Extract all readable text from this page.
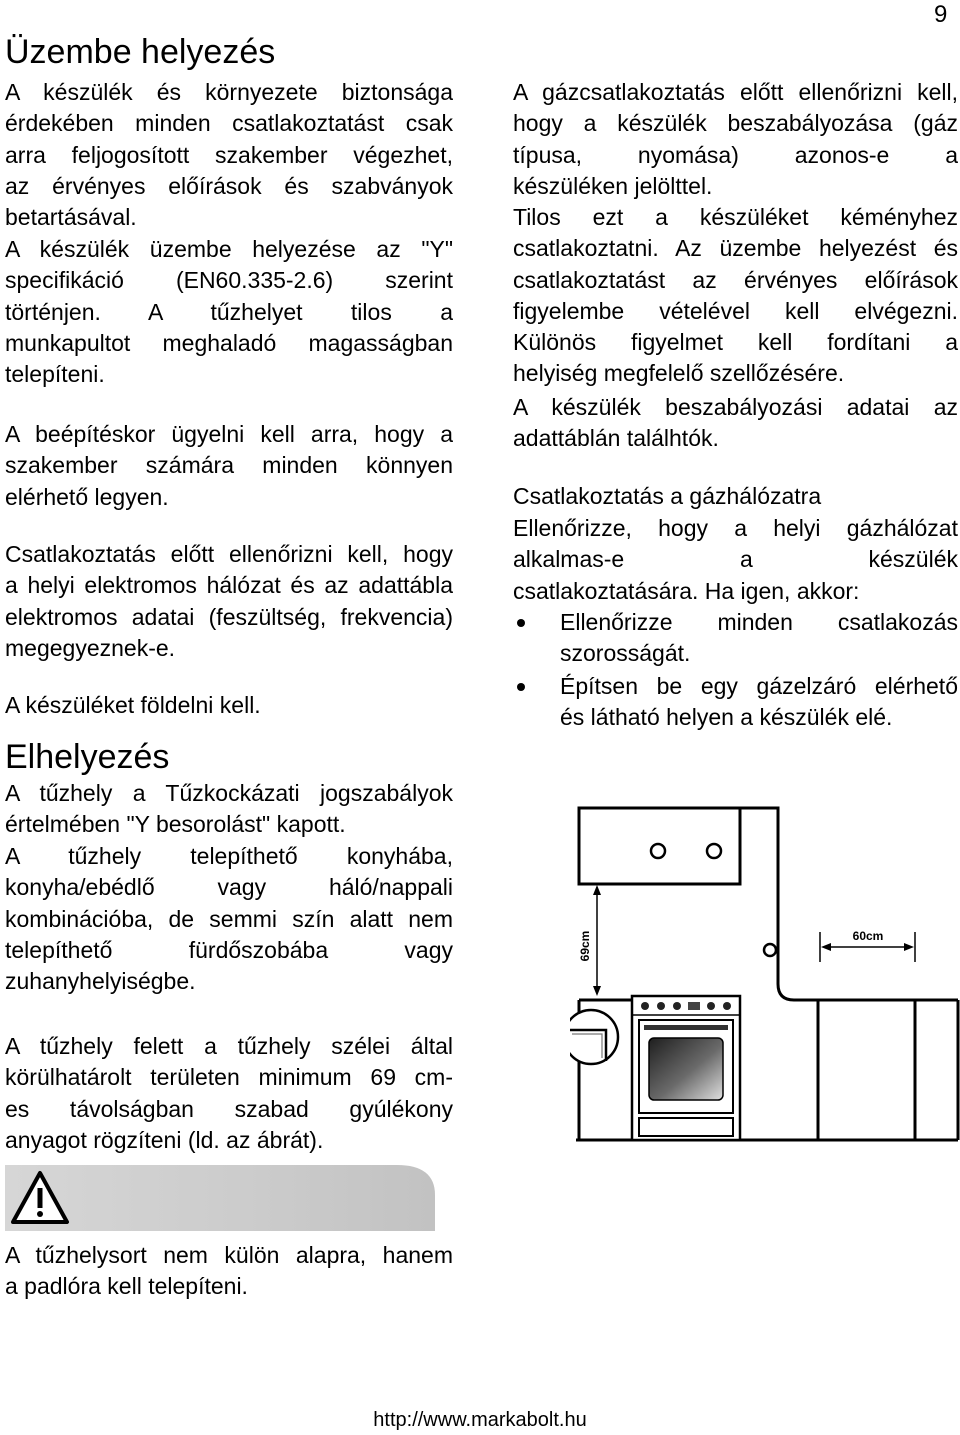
9
Üzembe helyezés
A készülék és környezete biztonsága
érdekében minden csatlakoztatást csak
arra feljogosított szakember végezhet,
az érvényes előírások és szabványok
betartásával.
A készülék üzembe helyezése az "Y"
specifikáció (EN60.335-2.6) szerint
történjen. A tűzhelyet tilos a
munkapultot meghaladó magasságban
telepíteni.
A beépítéskor ügyelni kell arra, hogy a
szakember számára minden könnyen
elérhető legyen.
Csatlakoztatás előtt ellenőrizni kell, hogy
a helyi elektromos hálózat és az adattábla
elektromos adatai (feszültség, frekvencia)
megegyeznek-e.
A készüléket földelni kell.
Elhelyezés
A tűzhely a Tűzkockázati jogszabályok
értelmében "Y besorolást" kapott.
A tűzhely telepíthető konyhába,
konyha/ebédlő vagy háló/nappali
kombinációba, de semmi szín alatt nem
telepíthető fürdőszobába vagy
zuhanyhelyiségbe.
A tűzhely felett a tűzhely szélei által
körülhatárolt területen minimum 69 cm-
es távolságban szabad gyúlékony
anyagot rögzíteni (ld. az ábrát).
A tűzhelysort nem külön alapra, hanem
a padlóra kell telepíteni.
A gázcsatlakoztatás előtt ellenőrizni kell,
hogy a készülék beszabályozása (gáz
típusa, nyomása) azonos-e a
készüléken jelölttel.
Tilos ezt a készüléket kéményhez
csatlakoztatni. Az üzembe helyezést és
csatlakoztatást az érvényes előírások
figyelembe vételével kell elvégezni.
Különös figyelmet kell fordítani a
helyiség megfelelő szellőzésére.
A készülék beszabályozási adatai az
adattáblán találhtók.
Csatlakoztatás a gázhálózatra
Ellenőrizze, hogy a helyi gázhálózat
alkalmas-e a készülék
csatlakoztatására. Ha igen, akkor:
Ellenőrizze minden csatlakozás
szorosságát.
Építsen be egy gázelzáró elérhető
és látható helyen a készülék elé.
69cm	60cm
http://www.markabolt.hu
